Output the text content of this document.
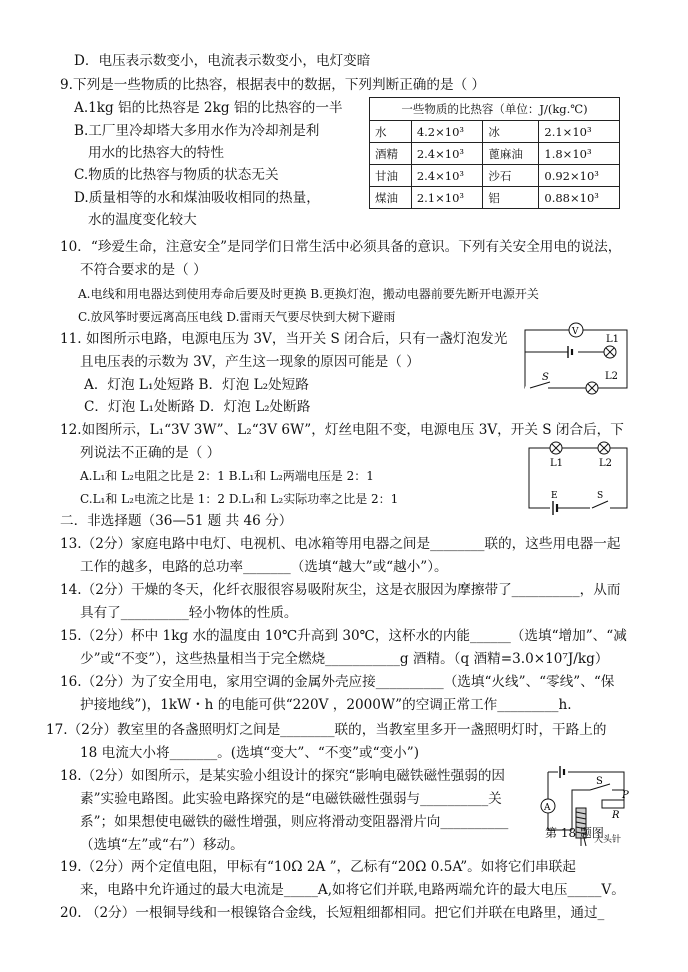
D．电压表示数变小，电流表示数变小，电灯变暗
9.下列是一些物质的比热容，根据表中的数据，下列判断正确的是（ ）
A.1kg 铝的比热容是 2kg 铝的比热容的一半
B.工厂里冷却塔大多用水作为冷却剂是利
用水的比热容大的特性
C.物质的比热容与物质的状态无关
D.质量相等的水和煤油吸收相同的热量，
水的温度变化较大
一些物质的比热容（单位：J/(kg.℃)			
水	4.2×10³	冰	2.1×10³
酒精	2.4×10³	蓖麻油	1.8×10³
甘油	2.4×10³	沙石	0.92×10³
煤油	2.1×10³	铝	0.88×10³
10．“珍爱生命，注意安全”是同学们日常生活中必须具备的意识。下列有关安全用电的说法，
不符合要求的是（ ）
A.电线和用电器达到使用寿命后要及时更换 B.更换灯泡，搬动电器前要先断开电源开关
C.放风筝时要远离高压电线 D.雷雨天气要尽快到大树下避雨
11. 如图所示电路，电源电压为 3V，当开关 S 闭合后，只有一盏灯泡发光
且电压表的示数为 3V，产生这一现象的原因可能是（ ）
A．灯泡 L₁处短路 B．灯泡 L₂处短路
C．灯泡 L₁处断路 D．灯泡 L₂处断路
V
L1
L2
S
12.如图所示，L₁“3V 3W”、L₂“3V 6W”，灯丝电阻不变，电源电压 3V，开关 S 闭合后，下
列说法不正确的是（ ）
A.L₁和 L₂电阻之比是 2：1 B.L₁和 L₂两端电压是 2：1
C.L₁和 L₂电流之比是 1：2 D.L₁和 L₂实际功率之比是 2：1
L1	L2
E	S
二．非选择题（36—51 题 共 46 分）
13.（2分）家庭电路中电灯、电视机、电冰箱等用电器之间是________联的，这些用电器一起
工作的越多，电路的总功率_______（选填“越大”或“越小”）。
14.（2分）干燥的冬天，化纤衣服很容易吸附灰尘，这是衣服因为摩擦带了__________，从而
具有了__________轻小物体的性质。
15.（2分）杯中 1kg 水的温度由 10℃升高到 30℃，这杯水的内能______（选填“增加”、“减
少”或“不变”），这些热量相当于完全燃烧___________g 酒精。（q 酒精=3.0×10⁷J/kg）
16.（2分）为了安全用电，家用空调的金属外壳应接__________（选填“火线”、“零线”、“保
护接地线”)，1kW・h 的电能可供“220V ，2000W”的空调正常工作_________h.
17.（2分）教室里的各盏照明灯之间是________联的，当教室里多开一盏照明灯时，干路上的
18 电流大小将_______。(选填“变大”、“不变”或“变小”)
18.（2分）如图所示，是某实验小组设计的探究“影响电磁铁磁性强弱的因
素”实验电路图。此实验电路探究的是“电磁铁磁性强弱与__________关
系”；如果想使电磁铁的磁性增强，则应将滑动变阻器滑片向__________
（选填“左”或“右”）移动。
A
S
P
R
大头针
第 18 题图
19.（2分）两个定值电阻，甲标有“10Ω 2A ”，乙标有“20Ω 0.5A”。如将它们串联起
来，电路中允许通过的最大电流是_____A,如将它们并联,电路两端允许的最大电压_____V。
20. （2分）一根铜导线和一根镍铬合金线，长短粗细都相同。把它们并联在电路里，通过_
